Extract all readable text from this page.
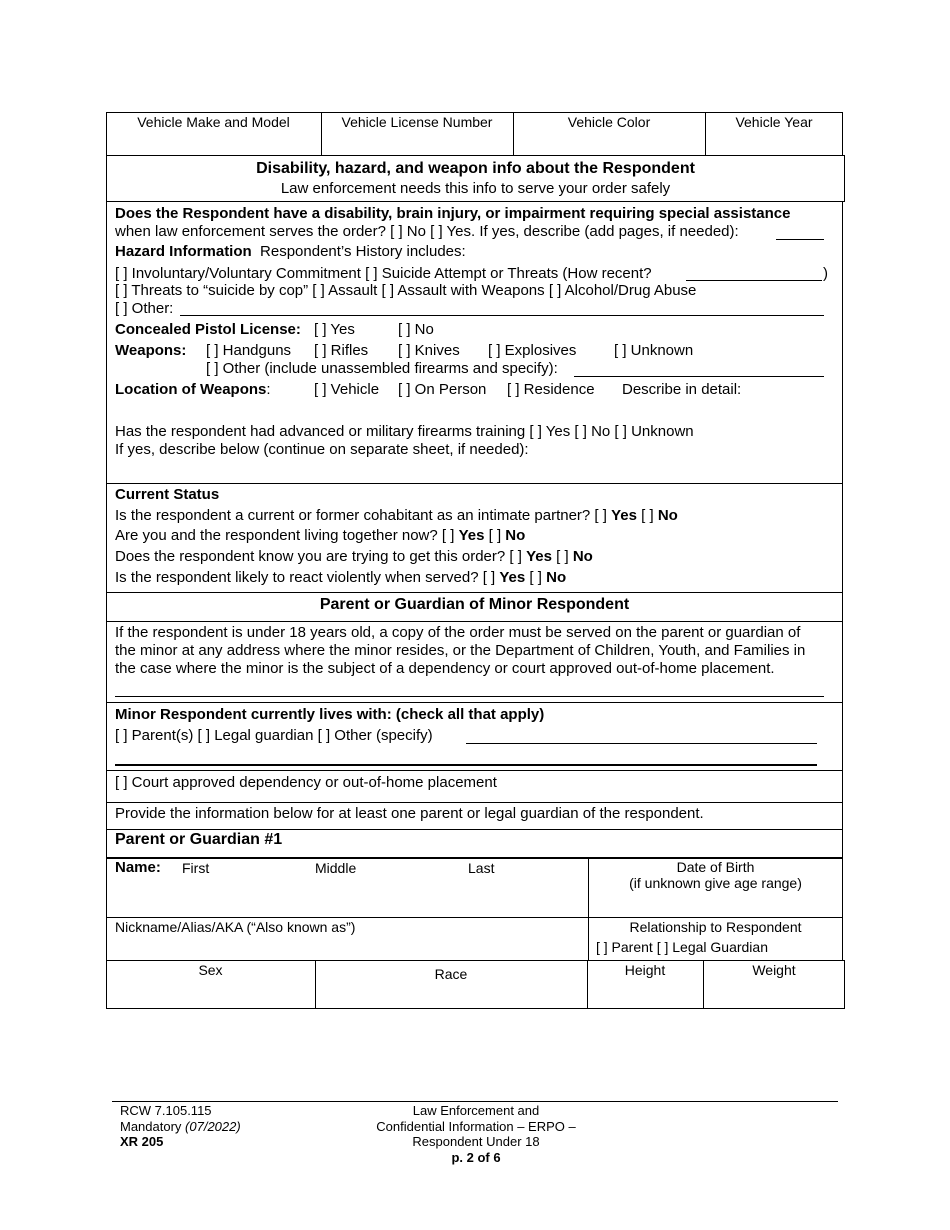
Vehicle Make and Model	Vehicle License Number	Vehicle Color	Vehicle Year
Disability, hazard, and weapon info about the Respondent
Law enforcement needs this info to serve your order safely
Does the Respondent have a disability, brain injury, or impairment requiring special assistance
when law enforcement serves the order? [ ] No [ ] Yes. If yes, describe (add pages, if needed):
Hazard Information Respondent’s History includes:
[ ] Involuntary/Voluntary Commitment [ ] Suicide Attempt or Threats (How recent?	)
[ ] Threats to “suicide by cop” [ ] Assault [ ] Assault with Weapons [ ] Alcohol/Drug Abuse
[ ] Other:
Concealed Pistol License: [ ] Yes	[ ] No
Weapons: [ ] Handguns [ ] Rifles [ ] Knives [ ] Explosives	[ ] Unknown
[ ] Other (include unassembled firearms and specify):
Location of Weapons:	[ ] Vehicle [ ] On Person [ ] Residence Describe in detail:
Has the respondent had advanced or military firearms training [ ] Yes [ ] No [ ] Unknown
If yes, describe below (continue on separate sheet, if needed):
Current Status
Is the respondent a current or former cohabitant as an intimate partner? [ ] Yes [ ] No
Are you and the respondent living together now? [ ] Yes [ ] No
Does the respondent know you are trying to get this order? [ ] Yes [ ] No
Is the respondent likely to react violently when served? [ ] Yes [ ] No
Parent or Guardian of Minor Respondent
If the respondent is under 18 years old, a copy of the order must be served on the parent or guardian of
the minor at any address where the minor resides, or the Department of Children, Youth, and Families in
the case where the minor is the subject of a dependency or court approved out-of-home placement.
Minor Respondent currently lives with: (check all that apply)
[ ] Parent(s) [ ] Legal guardian [ ] Other (specify)
[ ] Court approved dependency or out-of-home placement
Provide the information below for at least one parent or legal guardian of the respondent.
Parent or Guardian #1
Name: First	Middle	Last	Date of Birth
(if unknown give age range)
Nickname/Alias/AKA (“Also known as”)	Relationship to Respondent
[ ] Parent [ ] Legal Guardian
Sex	Race	Height	Weight
RCW 7.105.115
Mandatory (07/2022)
XR 205
Law Enforcement and
Confidential Information – ERPO –
Respondent Under 18
p. 2 of 6
